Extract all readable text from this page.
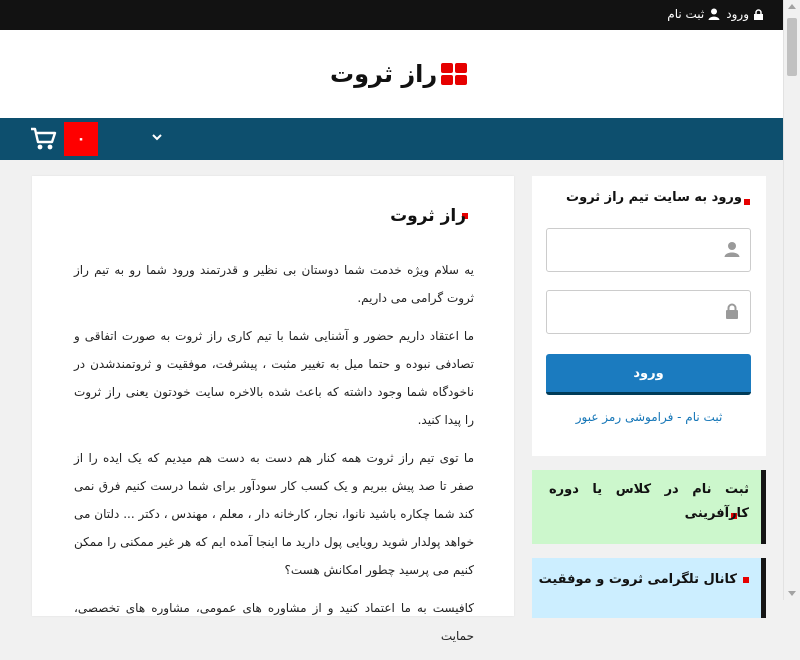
ورود
ثبت نام
راز ثروت
۰
راز ثروت

یه سلام ویژه خدمت شما دوستان بی نظیر و قدرتمند ورود شما رو به تیم راز ثروت گرامی می داریم.

ما اعتقاد داریم حضور و آشنایی شما با تیم کاری راز ثروت به صورت اتفاقی و تصادفی نبوده و حتما میل به تغییر مثبت ، پیشرفت، موفقیت و ثروتمندشدن در ناخودگاه شما وجود داشته که باعث شده بالاخره سایت خودتون یعنی راز ثروت را پیدا کنید.

ما توی تیم راز ثروت همه کنار هم دست به دست هم میدیم که یک ایده را از صفر تا صد پیش ببریم و یک کسب کار سودآور برای شما درست کنیم فرق نمی کند شما چکاره باشید نانوا، نجار، کارخانه دار ، معلم ، مهندس ، دکتر ... دلتان می خواهد پولدار شوید رویایی پول دارید ما اینجا آمده ایم که هر غیر ممکنی را ممکن کنیم می پرسید چطور امکانش هست؟

کافیست به ما اعتماد کنید و از مشاوره های عمومی، مشاوره های تخصصی، حمایت

ورود به سایت تیم راز ثروت
ورود
ثبت نام - فراموشی رمز عبور
ثبت نام در کلاس یا دوره کارآفرینی
کانال تلگرامی ثروت و موفقیت
